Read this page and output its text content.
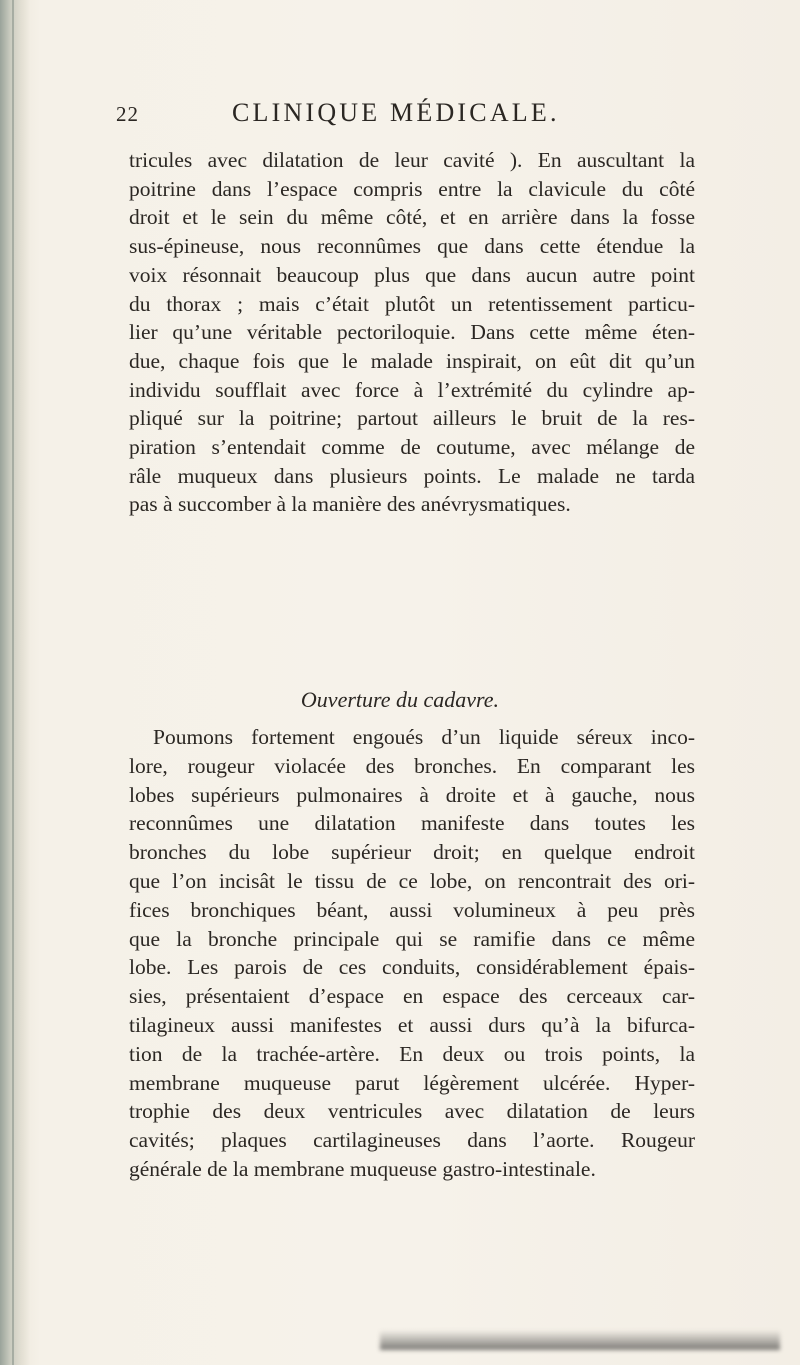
22	CLINIQUE MÉDICALE.
tricules avec dilatation de leur cavité ). En auscultant la
poitrine dans l’espace compris entre la clavicule du côté
droit et le sein du même côté, et en arrière dans la fosse
sus-épineuse, nous reconnûmes que dans cette étendue la
voix résonnait beaucoup plus que dans aucun autre point
du thorax ; mais c’était plutôt un retentissement particu-
lier qu’une véritable pectoriloquie. Dans cette même éten-
due, chaque fois que le malade inspirait, on eût dit qu’un
individu soufflait avec force à l’extrémité du cylindre ap-
pliqué sur la poitrine; partout ailleurs le bruit de la res-
piration s’entendait comme de coutume, avec mélange de
râle muqueux dans plusieurs points. Le malade ne tarda
pas à succomber à la manière des anévrysmatiques.
Ouverture du cadavre.
Poumons fortement engoués d’un liquide séreux inco-
lore, rougeur violacée des bronches. En comparant les
lobes supérieurs pulmonaires à droite et à gauche, nous
reconnûmes une dilatation manifeste dans toutes les
bronches du lobe supérieur droit; en quelque endroit
que l’on incisât le tissu de ce lobe, on rencontrait des ori-
fices bronchiques béant, aussi volumineux à peu près
que la bronche principale qui se ramifie dans ce même
lobe. Les parois de ces conduits, considérablement épais-
sies, présentaient d’espace en espace des cerceaux car-
tilagineux aussi manifestes et aussi durs qu’à la bifurca-
tion de la trachée-artère. En deux ou trois points, la
membrane muqueuse parut légèrement ulcérée. Hyper-
trophie des deux ventricules avec dilatation de leurs
cavités; plaques cartilagineuses dans l’aorte. Rougeur
générale de la membrane muqueuse gastro-intestinale.
